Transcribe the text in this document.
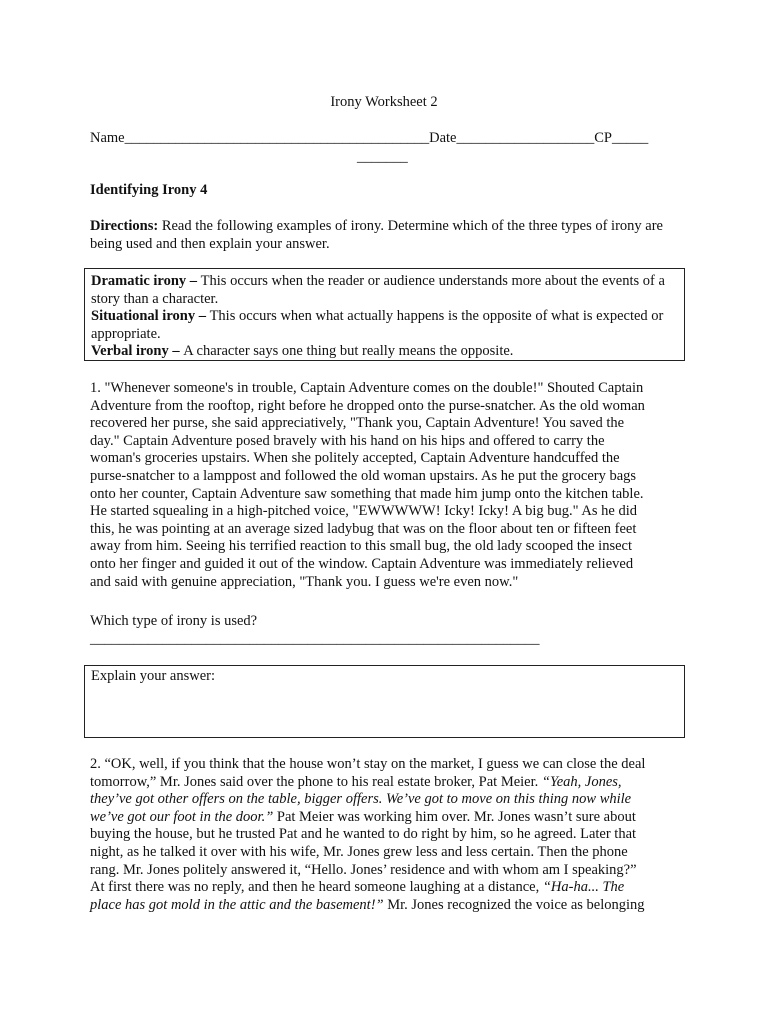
Irony Worksheet 2
Name__________________________________________Date___________________CP_____
_______
Identifying Irony 4
Directions: Read the following examples of irony. Determine which of the three types of irony are being used and then explain your answer.

Dramatic irony – This occurs when the reader or audience understands more about the events of a story than a character.

Situational irony – This occurs when what actually happens is the opposite of what is expected or appropriate.

Verbal irony – A character says one thing but really means the opposite.

1. "Whenever someone's in trouble, Captain Adventure comes on the double!" Shouted Captain
Adventure from the rooftop, right before he dropped onto the purse-snatcher. As the old woman
recovered her purse, she said appreciatively, "Thank you, Captain Adventure! You saved the
day." Captain Adventure posed bravely with his hand on his hips and offered to carry the
woman's groceries upstairs. When she politely accepted, Captain Adventure handcuffed the
purse-snatcher to a lamppost and followed the old woman upstairs. As he put the grocery bags
onto her counter, Captain Adventure saw something that made him jump onto the kitchen table.
He started squealing in a high-pitched voice, "EWWWWW! Icky! Icky! A big bug." As he did
this, he was pointing at an average sized ladybug that was on the floor about ten or fifteen feet
away from him. Seeing his terrified reaction to this small bug, the old lady scooped the insect
onto her finger and guided it out of the window. Captain Adventure was immediately relieved
and said with genuine appreciation, "Thank you. I guess we're even now."
Which type of irony is used?
______________________________________________________________
Explain your answer:
2. “OK, well, if you think that the house won’t stay on the market, I guess we can close the deal
tomorrow,” Mr. Jones said over the phone to his real estate broker, Pat Meier. “Yeah, Jones,
they’ve got other offers on the table, bigger offers. We’ve got to move on this thing now while
we’ve got our foot in the door.” Pat Meier was working him over. Mr. Jones wasn’t sure about
buying the house, but he trusted Pat and he wanted to do right by him, so he agreed. Later that
night, as he talked it over with his wife, Mr. Jones grew less and less certain. Then the phone
rang. Mr. Jones politely answered it, “Hello. Jones’ residence and with whom am I speaking?”
At first there was no reply, and then he heard someone laughing at a distance, “Ha-ha... The
place has got mold in the attic and the basement!” Mr. Jones recognized the voice as belonging
